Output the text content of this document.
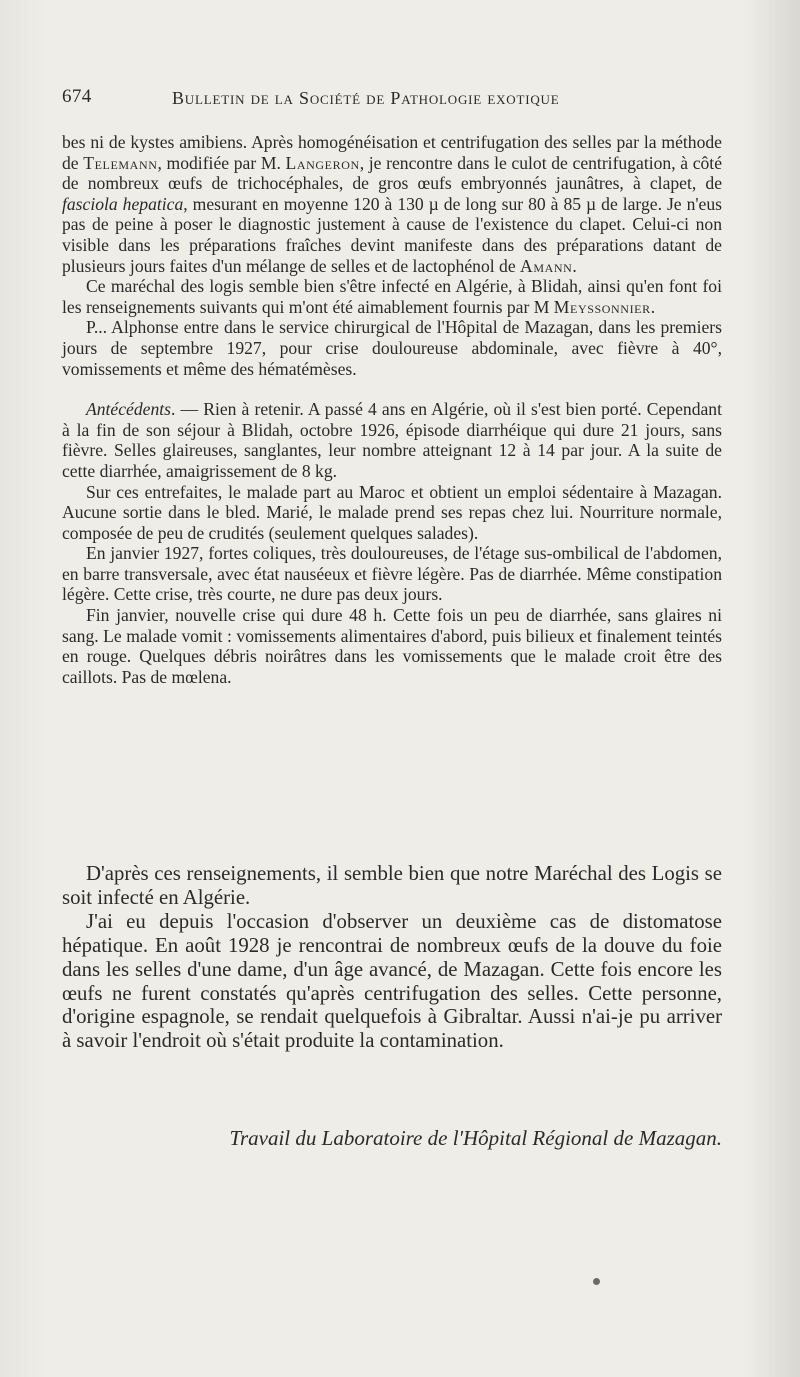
674	Bulletin de la Société de Pathologie exotique

bes ni de kystes amibiens. Après homogénéisation et centrifugation des selles par la méthode de Telemann, modifiée par M. Langeron, je rencontre dans le culot de centrifugation, à côté de nombreux œufs de trichocéphales, de gros œufs embryonnés jaunâtres, à clapet, de fasciola hepatica, mesurant en moyenne 120 à 130 µ de long sur 80 à 85 µ de large. Je n'eus pas de peine à poser le diagnostic justement à cause de l'existence du clapet. Celui-ci non visible dans les préparations fraîches devint manifeste dans des préparations datant de plusieurs jours faites d'un mélange de selles et de lactophénol de Amann.

Ce maréchal des logis semble bien s'être infecté en Algérie, à Blidah, ainsi qu'en font foi les renseignements suivants qui m'ont été aimablement fournis par M Meyssonnier.

P... Alphonse entre dans le service chirurgical de l'Hôpital de Mazagan, dans les premiers jours de septembre 1927, pour crise douloureuse abdominale, avec fièvre à 40°, vomissements et même des hématémèses.

Antécédents. — Rien à retenir. A passé 4 ans en Algérie, où il s'est bien porté. Cependant à la fin de son séjour à Blidah, octobre 1926, épisode diarrhéique qui dure 21 jours, sans fièvre. Selles glaireuses, sanglantes, leur nombre atteignant 12 à 14 par jour. A la suite de cette diarrhée, amaigrissement de 8 kg.

Sur ces entrefaites, le malade part au Maroc et obtient un emploi sédentaire à Mazagan. Aucune sortie dans le bled. Marié, le malade prend ses repas chez lui. Nourriture normale, composée de peu de crudités (seulement quelques salades).

En janvier 1927, fortes coliques, très douloureuses, de l'étage sus-ombilical de l'abdomen, en barre transversale, avec état nauséeux et fièvre légère. Pas de diarrhée. Même constipation légère. Cette crise, très courte, ne dure pas deux jours.

Fin janvier, nouvelle crise qui dure 48 h. Cette fois un peu de diarrhée, sans glaires ni sang. Le malade vomit : vomissements alimentaires d'abord, puis bilieux et finalement teintés en rouge. Quelques débris noirâtres dans les vomissements que le malade croit être des caillots. Pas de mœlena.

D'après ces renseignements, il semble bien que notre Maréchal des Logis se soit infecté en Algérie.

J'ai eu depuis l'occasion d'observer un deuxième cas de distomatose hépatique. En août 1928 je rencontrai de nombreux œufs de la douve du foie dans les selles d'une dame, d'un âge avancé, de Mazagan. Cette fois encore les œufs ne furent constatés qu'après centrifugation des selles. Cette personne, d'origine espagnole, se rendait quelquefois à Gibraltar. Aussi n'ai-je pu arriver à savoir l'endroit où s'était produite la contamination.

Travail du Laboratoire de l'Hôpital Régional de Mazagan.
